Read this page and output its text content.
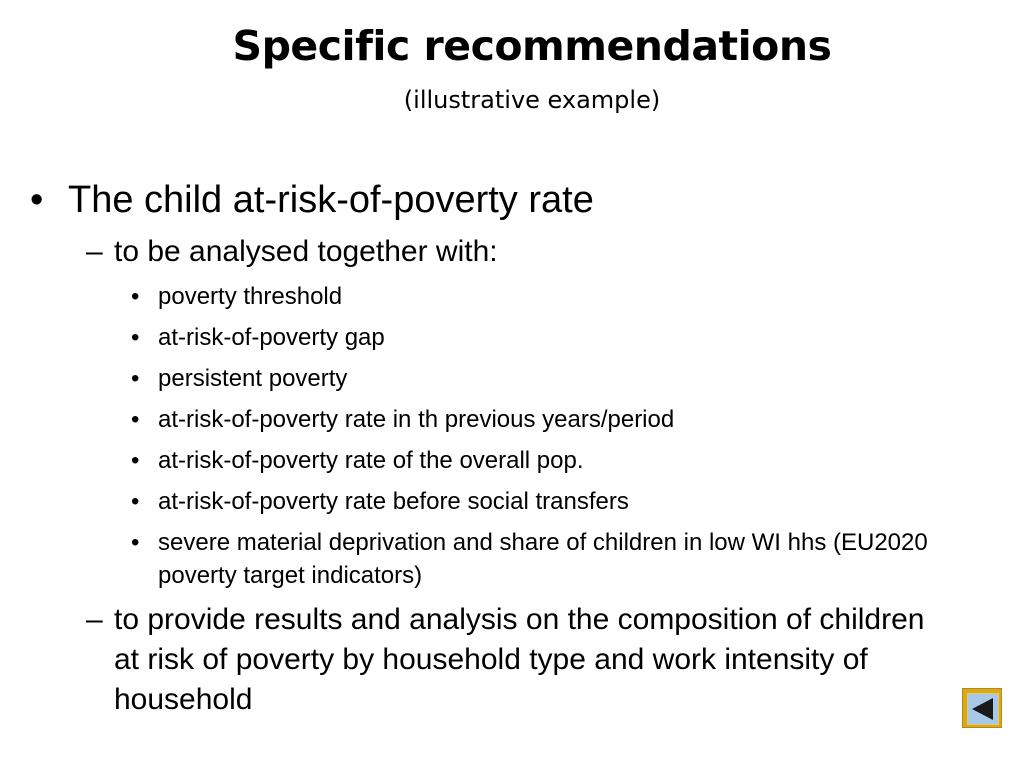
Specific recommendations

(illustrative example)

• The child at-risk-of-poverty rate
– to be analysed together with:
• poverty threshold
• at-risk-of-poverty gap
• persistent poverty
• at-risk-of-poverty rate in th previous years/period
• at-risk-of-poverty rate of the overall pop.
• at-risk-of-poverty rate before social transfers
• severe material deprivation and share of children in low WI hhs (EU2020 poverty target indicators)
– to provide results and analysis on the composition of children at risk of poverty by household type and work intensity of household
